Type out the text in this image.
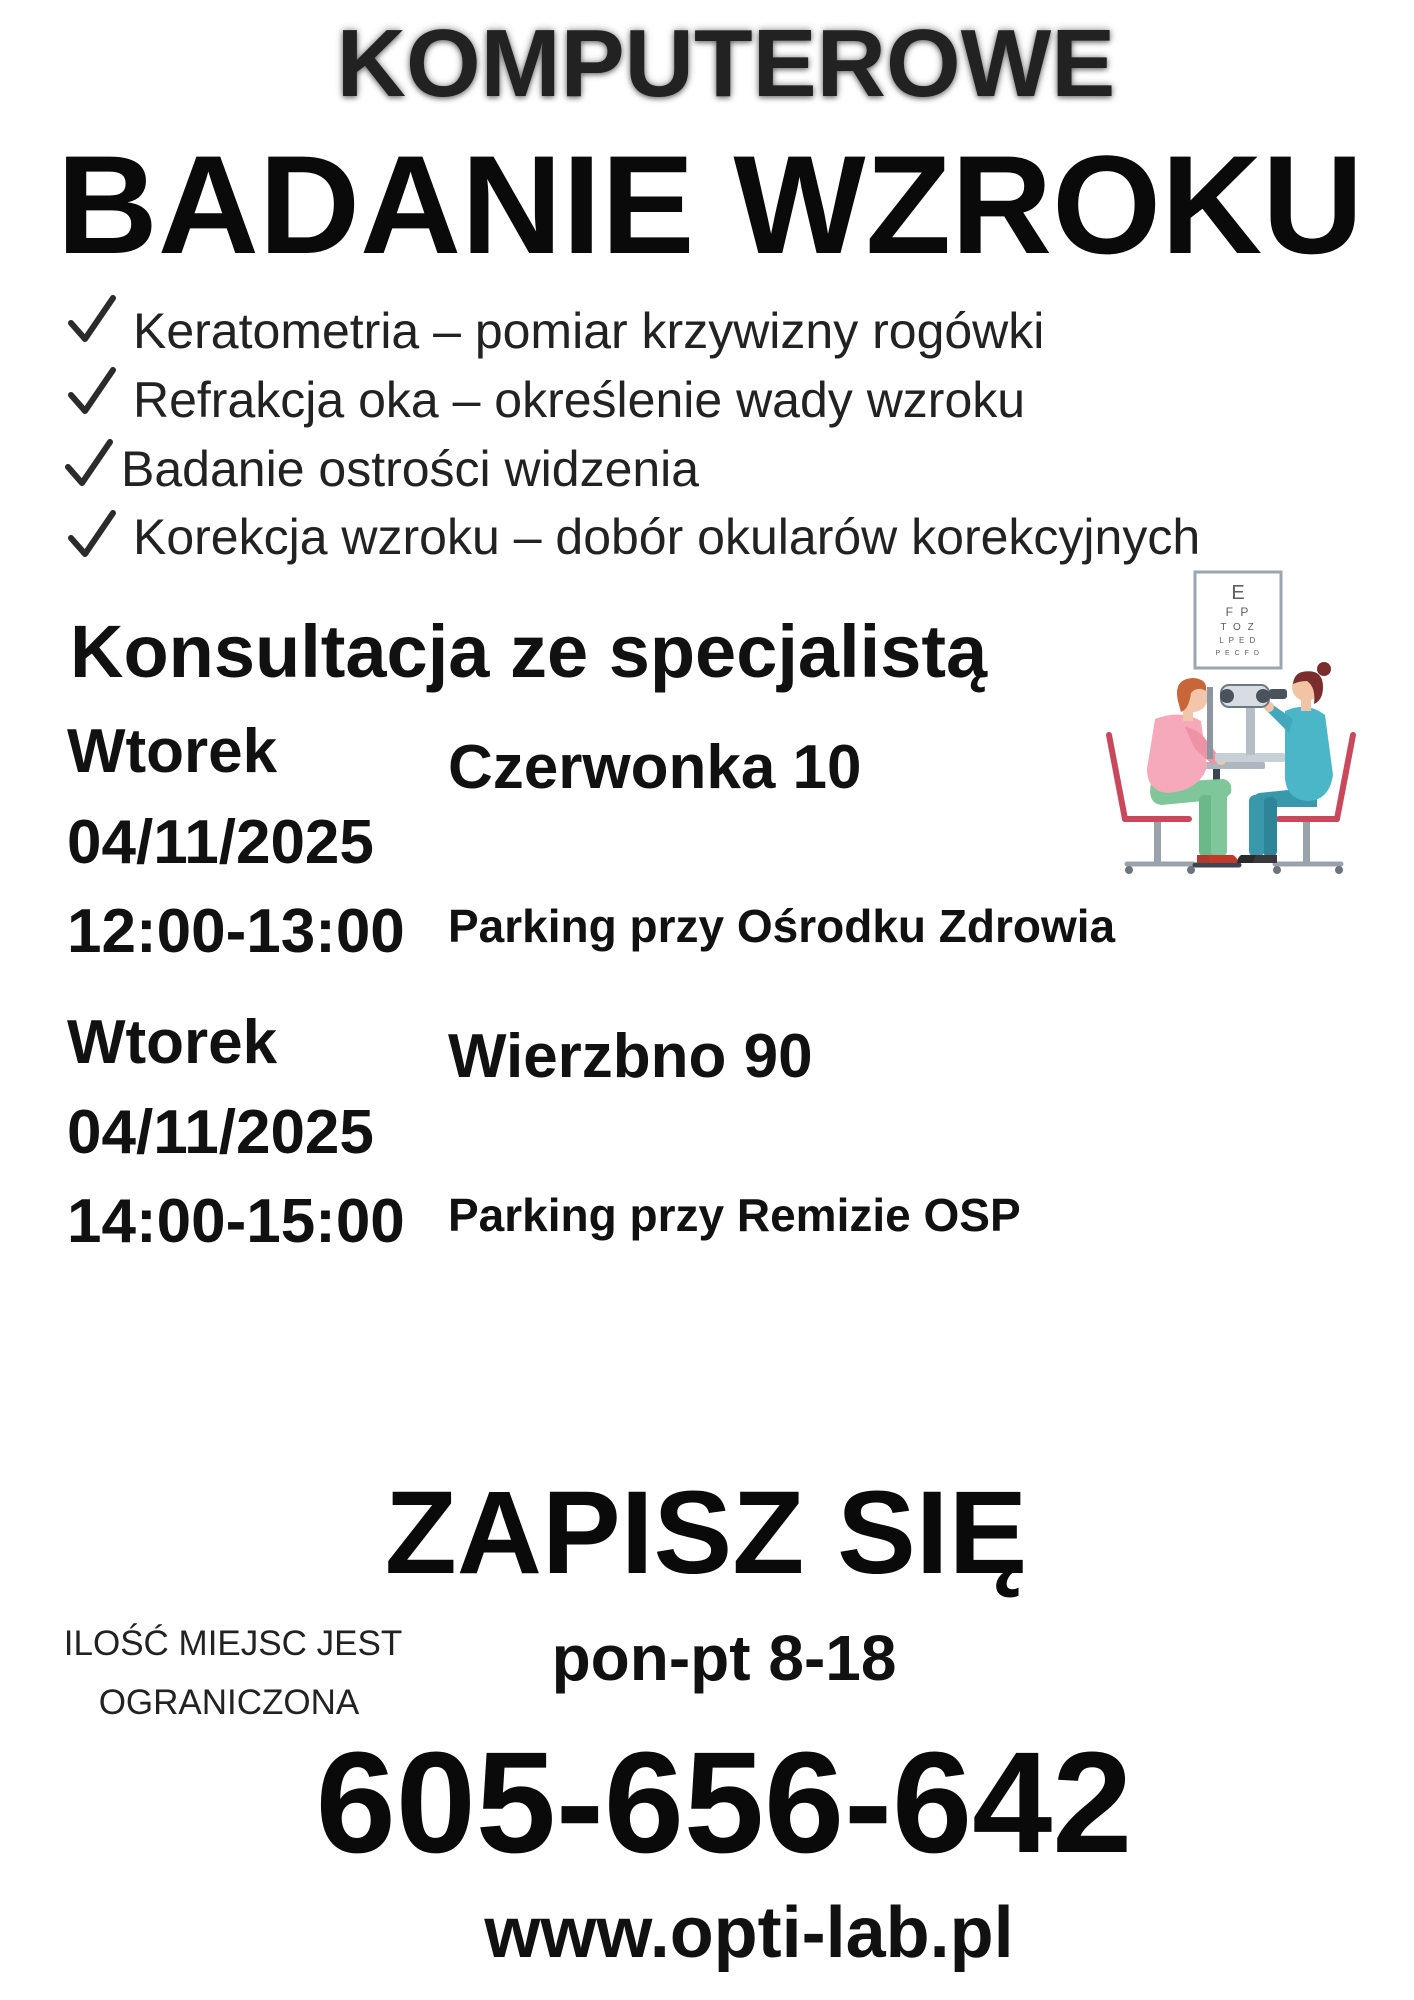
KOMPUTEROWE
BADANIE WZROKU
Keratometria – pomiar krzywizny rogówki
Refrakcja oka – określenie wady wzroku
Badanie ostrości widzenia
Korekcja wzroku – dobór okularów korekcyjnych
Konsultacja ze specjalistą
Wtorek
04/11/2025
12:00-13:00
Czerwonka 10
Parking przy Ośrodku Zdrowia
Wtorek
04/11/2025
14:00-15:00
Wierzbno 90
Parking przy Remizie OSP
E
F P
T O Z
L P E D
P E C F D
ZAPISZ SIĘ
ILOŚĆ MIEJSC JEST
OGRANICZONA
pon-pt 8-18
605-656-642
www.opti-lab.pl
